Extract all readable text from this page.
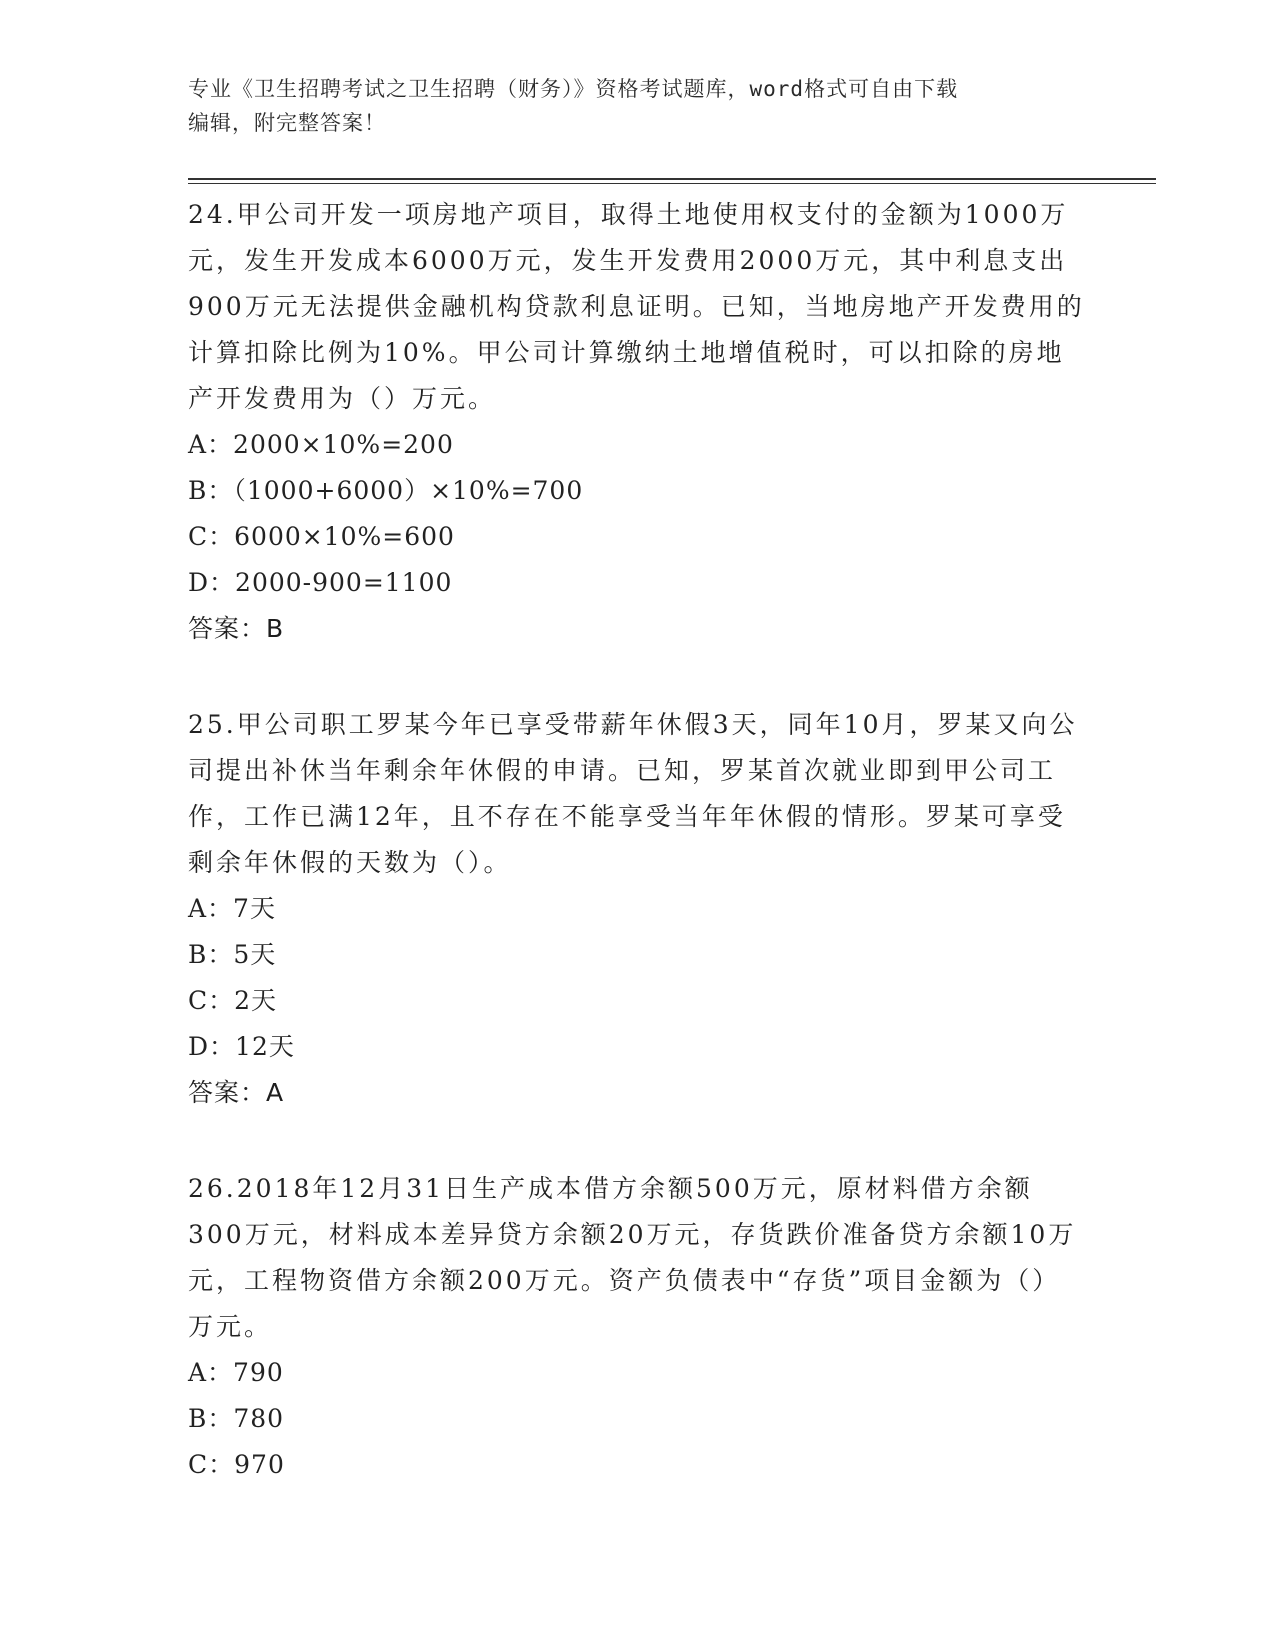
专业《卫生招聘考试之卫生招聘（财务）》资格考试题库，word格式可自由下载
编辑，附完整答案！

24.甲公司开发一项房地产项目，取得土地使用权支付的金额为1000万元，发生开发成本6000万元，发生开发费用2000万元，其中利息支出900万元无法提供金融机构贷款利息证明。已知，当地房地产开发费用的计算扣除比例为10%。甲公司计算缴纳土地增值税时，可以扣除的房地产开发费用为（）万元。

A：2000×10%=200

B：（1000+6000）×10%=700

C：6000×10%=600

D：2000-900=1100

答案：B

25.甲公司职工罗某今年已享受带薪年休假3天，同年10月，罗某又向公司提出补休当年剩余年休假的申请。已知，罗某首次就业即到甲公司工作，工作已满12年，且不存在不能享受当年年休假的情形。罗某可享受剩余年休假的天数为（）。

A：7天

B：5天

C：2天

D：12天

答案：A

26.2018年12月31日生产成本借方余额500万元，原材料借方余额300万元，材料成本差异贷方余额20万元，存货跌价准备贷方余额10万元，工程物资借方余额200万元。资产负债表中“存货”项目金额为（）万元。

A：790

B：780

C：970
